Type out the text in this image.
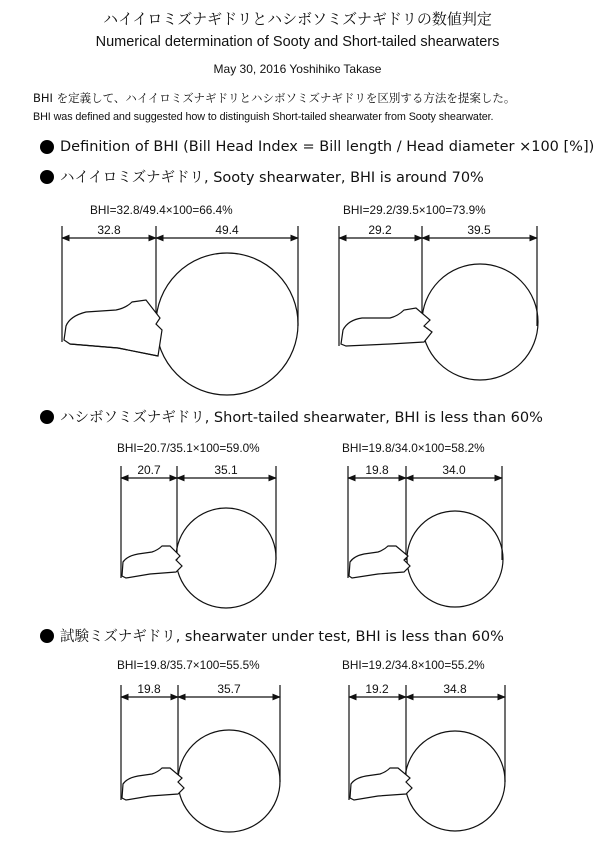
ハイイロミズナギドリとハシボソミズナギドリの数値判定
Numerical determination of Sooty and Short-tailed shearwaters
May 30, 2016 Yoshihiko Takase
BHI を定義して、ハイイロミズナギドリとハシボソミズナギドリを区別する方法を提案した。
BHI was defined and suggested how to distinguish Short-tailed shearwater from Sooty shearwater.
Definition of BHI (Bill Head Index = Bill length / Head diameter ×100 [%])
ハイイロミズナギドリ, Sooty shearwater, BHI is around 70%
BHI=32.8/49.4×100=66.4%	BHI=29.2/39.5×100=73.9%
ハシボソミズナギドリ, Short-tailed shearwater, BHI is less than 60%
BHI=20.7/35.1×100=59.0%	BHI=19.8/34.0×100=58.2%
試験ミズナギドリ, shearwater under test, BHI is less than 60%
BHI=19.8/35.7×100=55.5%	BHI=19.2/34.8×100=55.2%
32.8	49.4	29.2	39.5
20.7	35.1	19.8	34.0
19.8	35.7	19.2	34.8
